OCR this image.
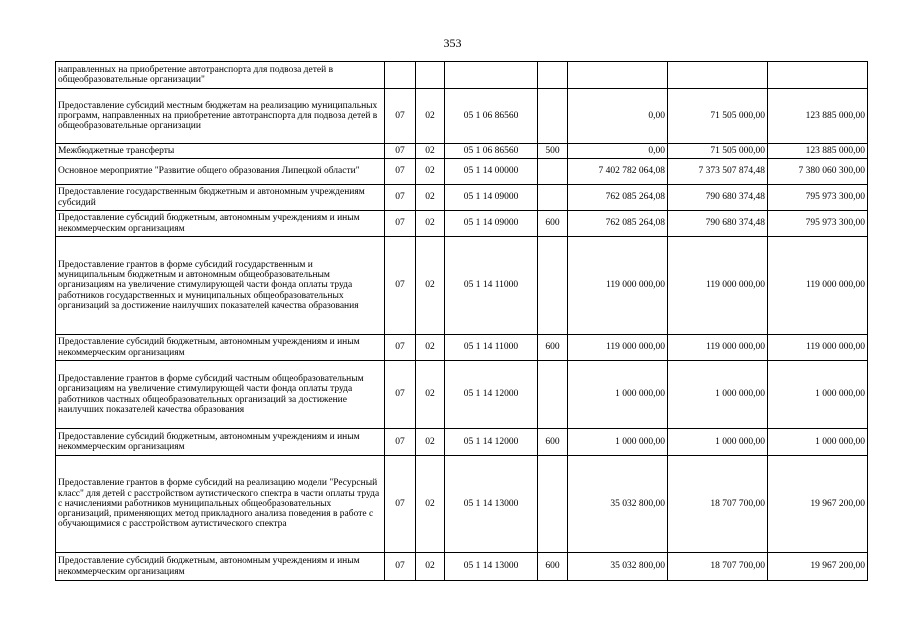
353
направленных на приобретение автотранспорта для подвоза детей в общеобразовательные организации"							
Предоставление субсидий местным бюджетам на реализацию муниципальных программ, направленных на приобретение автотранспорта для подвоза детей в общеобразовательные организации	07	02	05 1 06 86560		0,00	71 505 000,00	123 885 000,00
Межбюджетные трансферты	07	02	05 1 06 86560	500	0,00	71 505 000,00	123 885 000,00
Основное мероприятие "Развитие общего образования Липецкой области"	07	02	05 1 14 00000		7 402 782 064,08	7 373 507 874,48	7 380 060 300,00
Предоставление государственным бюджетным и автономным учреждениям субсидий	07	02	05 1 14 09000		762 085 264,08	790 680 374,48	795 973 300,00
Предоставление субсидий бюджетным, автономным учреждениям и иным некоммерческим организациям	07	02	05 1 14 09000	600	762 085 264,08	790 680 374,48	795 973 300,00
Предоставление грантов в форме субсидий государственным и муниципальным бюджетным и автономным общеобразовательным организациям на увеличение стимулирующей части фонда оплаты труда работников государственных и муниципальных общеобразовательных организаций за достижение наилучших показателей качества образования	07	02	05 1 14 11000		119 000 000,00	119 000 000,00	119 000 000,00
Предоставление субсидий бюджетным, автономным учреждениям и иным некоммерческим организациям	07	02	05 1 14 11000	600	119 000 000,00	119 000 000,00	119 000 000,00
Предоставление грантов в форме субсидий частным общеобразовательным организациям на увеличение стимулирующей части фонда оплаты труда работников частных общеобразовательных организаций за достижение наилучших показателей качества образования	07	02	05 1 14 12000		1 000 000,00	1 000 000,00	1 000 000,00
Предоставление субсидий бюджетным, автономным учреждениям и иным некоммерческим организациям	07	02	05 1 14 12000	600	1 000 000,00	1 000 000,00	1 000 000,00
Предоставление грантов в форме субсидий на реализацию модели "Ресурсный класс" для детей с расстройством аутистического спектра в части оплаты труда с начислениями работников муниципальных общеобразовательных организаций, применяющих метод прикладного анализа поведения в работе с обучающимися с расстройством аутистического спектра	07	02	05 1 14 13000		35 032 800,00	18 707 700,00	19 967 200,00
Предоставление субсидий бюджетным, автономным учреждениям и иным некоммерческим организациям	07	02	05 1 14 13000	600	35 032 800,00	18 707 700,00	19 967 200,00
